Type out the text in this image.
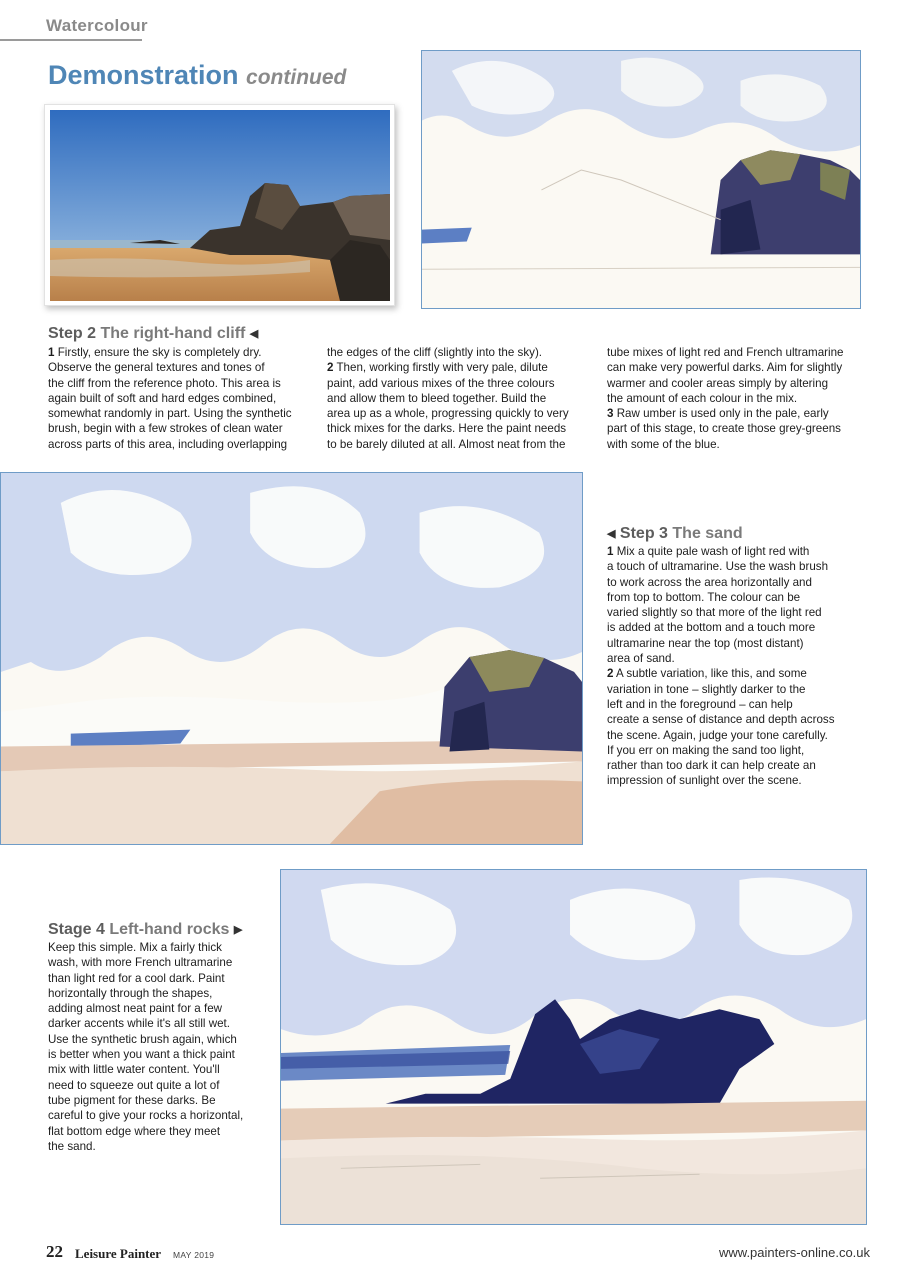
Watercolour
Demonstration continued
Step 2 The right-hand cliff ◀
1 Firstly, ensure the sky is completely dry.
Observe the general textures and tones of
the cliff from the reference photo. This area is
again built of soft and hard edges combined,
somewhat randomly in part. Using the synthetic
brush, begin with a few strokes of clean water
across parts of this area, including overlapping
the edges of the cliff (slightly into the sky).
2 Then, working firstly with very pale, dilute
paint, add various mixes of the three colours
and allow them to bleed together. Build the
area up as a whole, progressing quickly to very
thick mixes for the darks. Here the paint needs
to be barely diluted at all. Almost neat from the
tube mixes of light red and French ultramarine
can make very powerful darks. Aim for slightly
warmer and cooler areas simply by altering
the amount of each colour in the mix.
3 Raw umber is used only in the pale, early
part of this stage, to create those grey-greens
with some of the blue.
◀ Step 3 The sand
1 Mix a quite pale wash of light red with
a touch of ultramarine. Use the wash brush
to work across the area horizontally and
from top to bottom. The colour can be
varied slightly so that more of the light red
is added at the bottom and a touch more
ultramarine near the top (most distant)
area of sand.
2 A subtle variation, like this, and some
variation in tone – slightly darker to the
left and in the foreground – can help
create a sense of distance and depth across
the scene. Again, judge your tone carefully.
If you err on making the sand too light,
rather than too dark it can help create an
impression of sunlight over the scene.
Stage 4 Left-hand rocks ▶
Keep this simple. Mix a fairly thick
wash, with more French ultramarine
than light red for a cool dark. Paint
horizontally through the shapes,
adding almost neat paint for a few
darker accents while it's all still wet.
Use the synthetic brush again, which
is better when you want a thick paint
mix with little water content. You'll
need to squeeze out quite a lot of
tube pigment for these darks. Be
careful to give your rocks a horizontal,
flat bottom edge where they meet
the sand.
22 Leisure Painter MAY 2019	www.painters-online.co.uk
